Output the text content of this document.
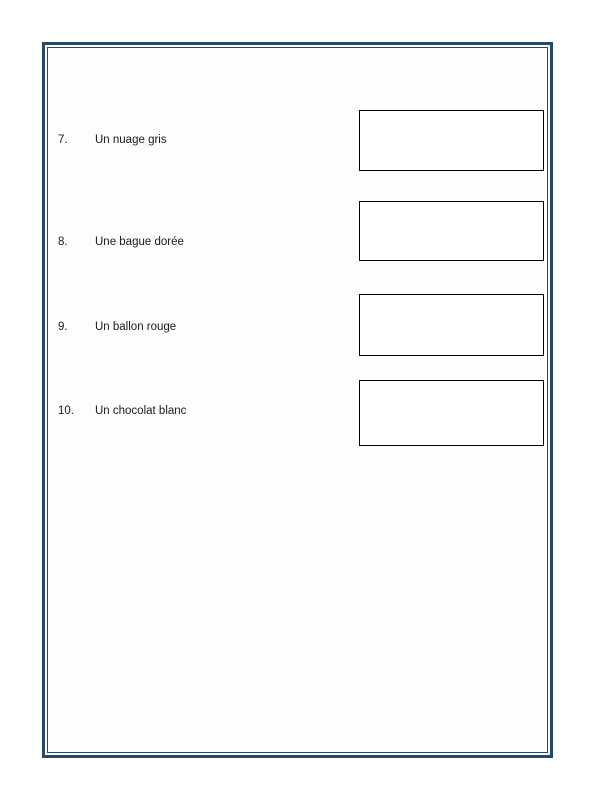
7.	Un nuage gris
8.	Une bague dorée
9.	Un ballon rouge
10.	Un chocolat blanc
